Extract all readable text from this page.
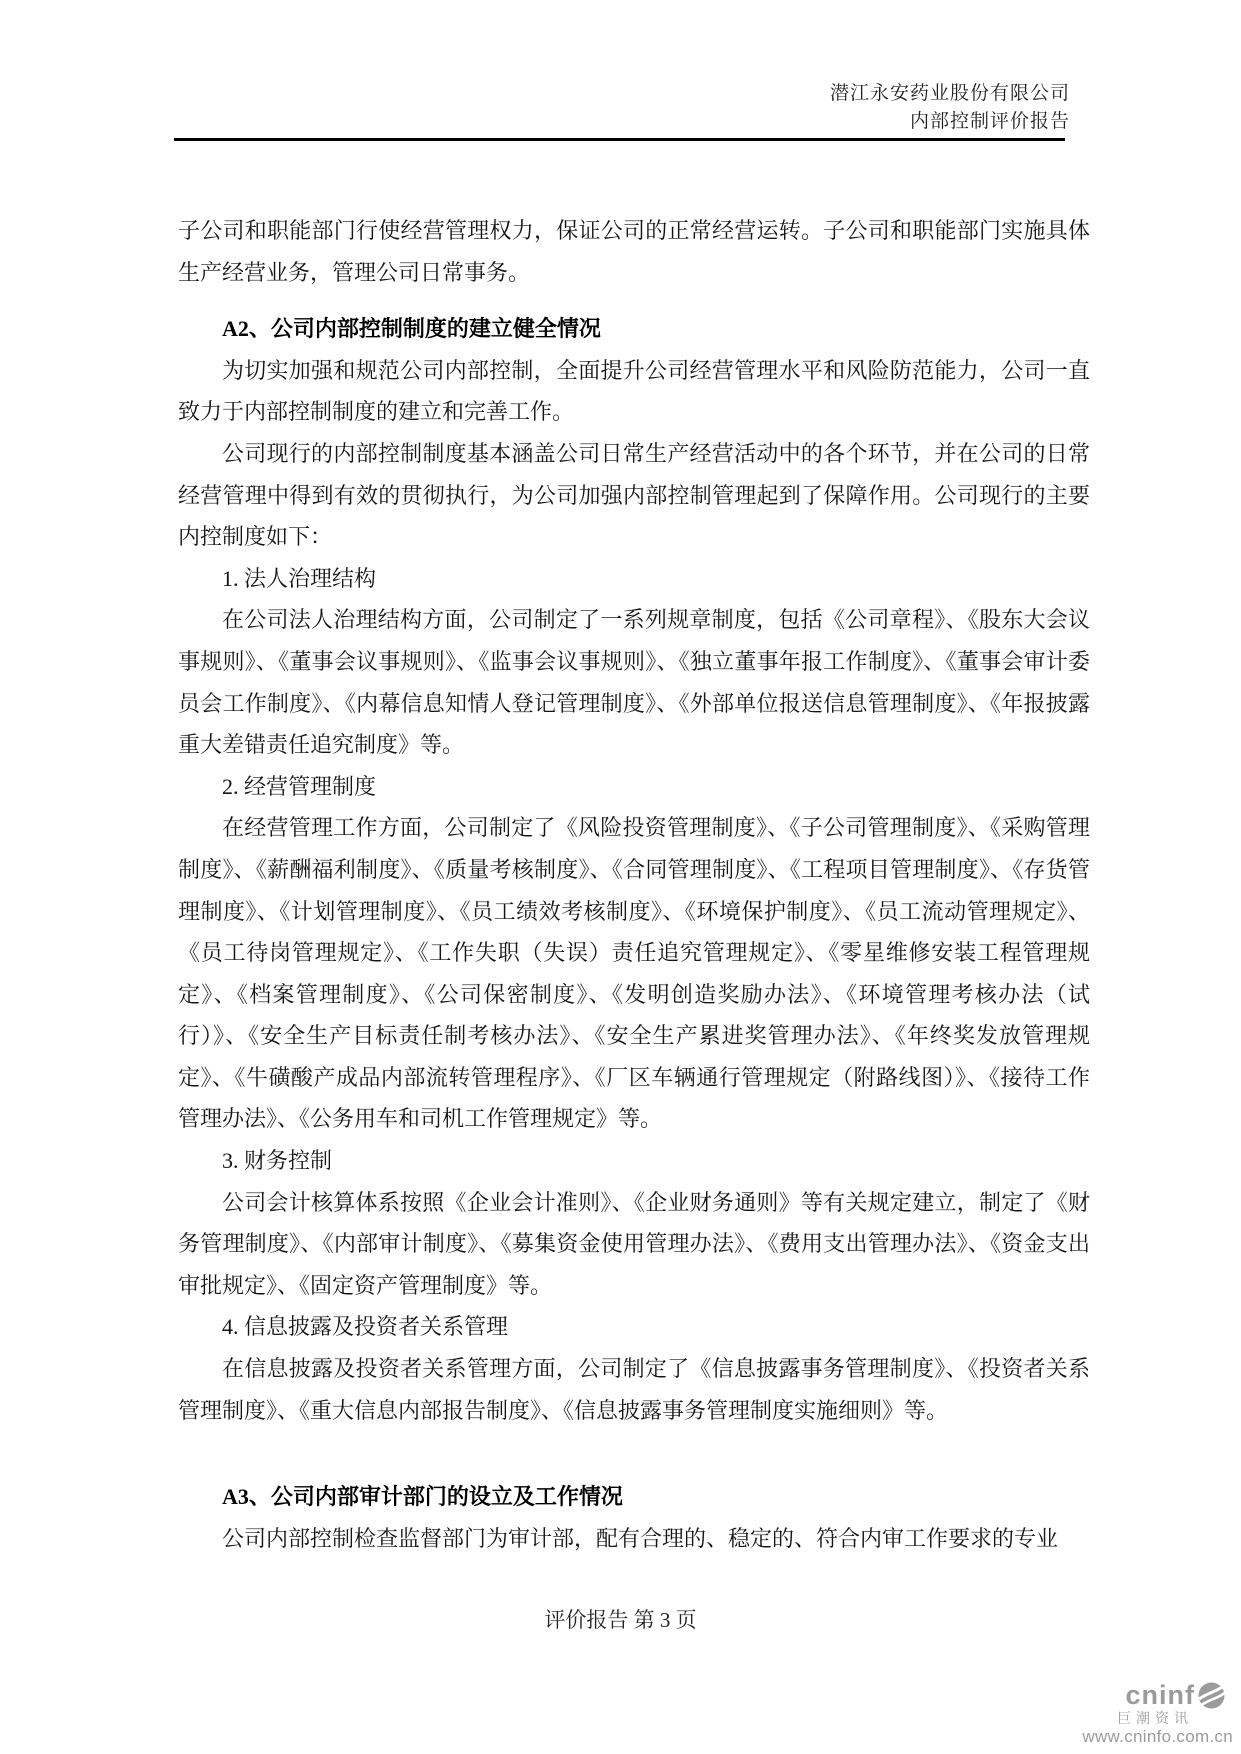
潜江永安药业股份有限公司
内部控制评价报告

子公司和职能部门行使经营管理权力，保证公司的正常经营运转。子公司和职能部门实施具体生产经营业务，管理公司日常事务。

A2、公司内部控制制度的建立健全情况

为切实加强和规范公司内部控制，全面提升公司经营管理水平和风险防范能力，公司一直致力于内部控制制度的建立和完善工作。

公司现行的内部控制制度基本涵盖公司日常生产经营活动中的各个环节，并在公司的日常经营管理中得到有效的贯彻执行，为公司加强内部控制管理起到了保障作用。公司现行的主要内控制度如下：

1. 法人治理结构

在公司法人治理结构方面，公司制定了一系列规章制度，包括《公司章程》、《股东大会议事规则》、《董事会议事规则》、《监事会议事规则》、《独立董事年报工作制度》、《董事会审计委员会工作制度》、《内幕信息知情人登记管理制度》、《外部单位报送信息管理制度》、《年报披露重大差错责任追究制度》等。

2. 经营管理制度

在经营管理工作方面，公司制定了《风险投资管理制度》、《子公司管理制度》、《采购管理制度》、《薪酬福利制度》、《质量考核制度》、《合同管理制度》、《工程项目管理制度》、《存货管理制度》、《计划管理制度》、《员工绩效考核制度》、《环境保护制度》、《员工流动管理规定》、《员工待岗管理规定》、《工作失职（失误）责任追究管理规定》、《零星维修安装工程管理规定》、《档案管理制度》、《公司保密制度》、《发明创造奖励办法》、《环境管理考核办法（试行）》、《安全生产目标责任制考核办法》、《安全生产累进奖管理办法》、《年终奖发放管理规定》、《牛磺酸产成品内部流转管理程序》、《厂区车辆通行管理规定（附路线图）》、《接待工作管理办法》、《公务用车和司机工作管理规定》等。

3. 财务控制

公司会计核算体系按照《企业会计准则》、《企业财务通则》等有关规定建立，制定了《财务管理制度》、《内部审计制度》、《募集资金使用管理办法》、《费用支出管理办法》、《资金支出审批规定》、《固定资产管理制度》等。

4. 信息披露及投资者关系管理

在信息披露及投资者关系管理方面，公司制定了《信息披露事务管理制度》、《投资者关系管理制度》、《重大信息内部报告制度》、《信息披露事务管理制度实施细则》等。

A3、公司内部审计部门的设立及工作情况

公司内部控制检查监督部门为审计部，配有合理的、稳定的、符合内审工作要求的专业

评价报告 第 3 页
cninf
巨潮资讯
www.cninfo.com.cn
